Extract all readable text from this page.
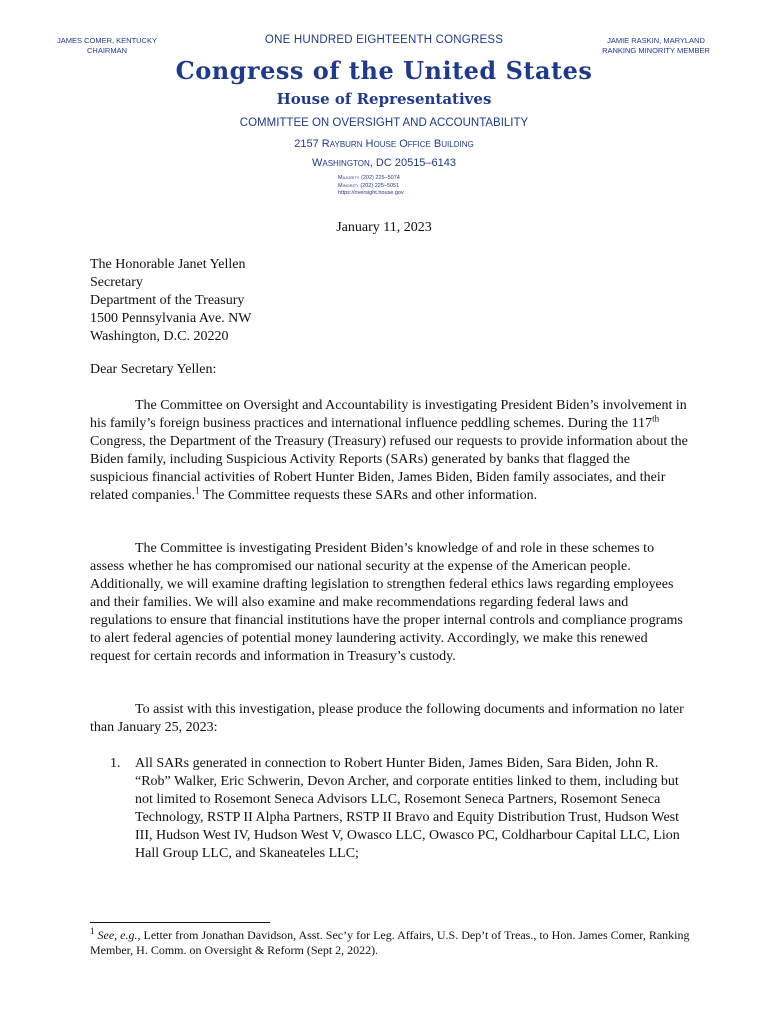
JAMES COMER, KENTUCKY
CHAIRMAN
JAMIE RASKIN, MARYLAND
RANKING MINORITY MEMBER
ONE HUNDRED EIGHTEENTH CONGRESS
Congress of the United States
House of Representatives
COMMITTEE ON OVERSIGHT AND ACCOUNTABILITY
2157 Rayburn House Office Building
Washington, DC 20515–6143
Majority (202) 225–5074
Minority (202) 225–5051
https://oversight.house.gov
January 11, 2023
The Honorable Janet Yellen
Secretary
Department of the Treasury
1500 Pennsylvania Ave. NW
Washington, D.C. 20220
Dear Secretary Yellen:
The Committee on Oversight and Accountability is investigating President Biden’s involvement in his family’s foreign business practices and international influence peddling schemes. During the 117th Congress, the Department of the Treasury (Treasury) refused our requests to provide information about the Biden family, including Suspicious Activity Reports (SARs) generated by banks that flagged the suspicious financial activities of Robert Hunter Biden, James Biden, Biden family associates, and their related companies.$^1$ The Committee requests these SARs and other information.
The Committee is investigating President Biden’s knowledge of and role in these schemes to assess whether he has compromised our national security at the expense of the American people. Additionally, we will examine drafting legislation to strengthen federal ethics laws regarding employees and their families. We will also examine and make recommendations regarding federal laws and regulations to ensure that financial institutions have the proper internal controls and compliance programs to alert federal agencies of potential money laundering activity. Accordingly, we make this renewed request for certain records and information in Treasury’s custody.
To assist with this investigation, please produce the following documents and information no later than January 25, 2023:
1. All SARs generated in connection to Robert Hunter Biden, James Biden, Sara Biden, John R. “Rob” Walker, Eric Schwerin, Devon Archer, and corporate entities linked to them, including but not limited to Rosemont Seneca Advisors LLC, Rosemont Seneca Partners, Rosemont Seneca Technology, RSTP II Alpha Partners, RSTP II Bravo and Equity Distribution Trust, Hudson West III, Hudson West IV, Hudson West V, Owasco LLC, Owasco PC, Coldharbour Capital LLC, Lion Hall Group LLC, and Skaneateles LLC;
$^1$ See, e.g., Letter from Jonathan Davidson, Asst. Sec’y for Leg. Affairs, U.S. Dep’t of Treas., to Hon. James Comer, Ranking Member, H. Comm. on Oversight & Reform (Sept 2, 2022).
